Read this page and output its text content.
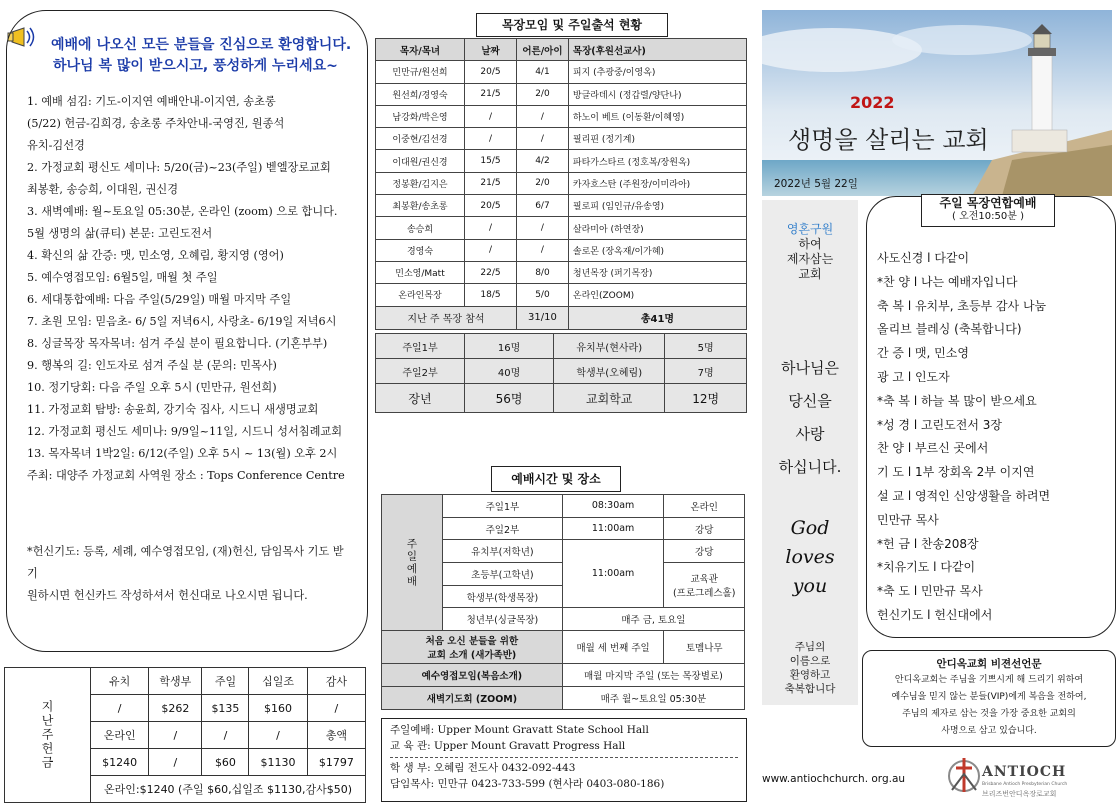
예배에 나오신 모든 분들을 진심으로 환영합니다.
하나님 복 많이 받으시고, 풍성하게 누리세요~
1. 예배 섬김: 기도-이지연 예배안내-이지연, 송초롱
(5/22) 헌금-김희경, 송초롱 주차안내-국영진, 원종석
유치-김선경
2. 가정교회 평신도 세미나: 5/20(금)~23(주일) 벧엘장로교회
최봉환, 송승희, 이대원, 권신경
3. 새벽예배: 월~토요일 05:30분, 온라인 (zoom) 으로 합니다.
5월 생명의 삶(큐티) 본문: 고린도전서
4. 확신의 삶 간증: 맷, 민소영, 오혜림, 황지영 (영어)
5. 예수영접모임: 6월5일, 매월 첫 주일
6. 세대통합예배: 다음 주일(5/29일) 매월 마지막 주일
7. 초원 모임: 믿음초- 6/ 5일 저녁6시, 사랑초- 6/19일 저녁6시
8. 싱글목장 목자목녀: 섬겨 주실 분이 필요합니다. (기혼부부)
9. 행복의 길: 인도자로 섬겨 주실 분 (문의: 민목사)
10. 정기당회: 다음 주일 오후 5시 (민만규, 원선희)
11. 가정교회 탐방: 송윤희, 강기숙 집사, 시드니 새생명교회
12. 가정교회 평신도 세미나: 9/9일~11일, 시드니 성서침례교회
13. 목자목녀 1박2일: 6/12(주일) 오후 5시 ~ 13(월) 오후 2시
주최: 대양주 가정교회 사역원 장소 : Tops Conference Centre
*헌신기도: 등록, 세례, 예수영접모임, (재)헌신, 담임목사 기도 받기
원하시면 헌신카드 작성하셔서 헌신대로 나오시면 됩니다.
지난주헌금	유치	학생부	주일	십일조	감사
	/	$262	$135	$160	/
	온라인	/	/	/	총액
	$1240	/	$60	$1130	$1797
	온라인:$1240 (주일 $60,십일조 $1130,감사$50)				
목장모임 및 주일출석 현황
목자/목녀	날짜	어른/아이	목장(후원선교사)
민만규/원선희	20/5	4/1	피지 (추광중/이영옥)
원선희/경영숙	21/5	2/0	방글라데시 (정갑렬/양단나)
남강화/박은영	/	/	하노이 베트 (이동환/이혜영)
이중현/김선경	/	/	필리핀 (정기계)
이대원/권신경	15/5	4/2	파타가스타르 (정호복/장원옥)
정봉환/김지은	21/5	2/0	카자흐스탄 (주원장/이미라아)
최봉환/송초롱	20/5	6/7	필로피 (임인규/유송영)
송승희	/	/	살라미아 (하연장)
경영숙	/	/	솔로몬 (장옥재/이가혜)
민소영/Matt	22/5	8/0	청년목장 (퍼기목장)
온라인목장	18/5	5/0	온라인(ZOOM)
지난 주 목장 참석		31/10	총41명
주일1부	16명	유치부(현사라)	5명
주일2부	40명	학생부(오혜림)	7명
장년	56명	교회학교	12명
예배시간 및 장소
주일예배	주일1부	08:30am	온라인
	주일2부	11:00am	강당
	유치부(저학년)	11:00am	강당
	초등부(고학년)		교육관
(프로그레스홀)

	학생부(학생목장)		
	청년부(싱글목장)	매주 금, 토요일	

처음 오신 분들을 위한
교회 소개 (새가족반)		매월 세 번째 주일	토멤나무
예수영접모임(복음소개)		매월 마지막 주일 (또는 목장별로)	
새벽기도회 (ZOOM)		매주 월~토요일 05:30분	
주일예배: Upper Mount Gravatt State School Hall
교 육 관: Upper Mount Gravatt Progress Hall
학 생 부: 오혜림 전도사 0432-092-443
담임목사: 민만규 0423-733-599 (현사라 0403-080-186)
2022
생명을 살리는 교회
2022년 5월 22일
영혼구원
하여
제자삼는
교회
하나님은
당신을
사랑
하십니다.
God
loves
you
주님의
이름으로
환영하고
축복합니다
사도신경 l 다같이
*찬 양 l 나는 예배자입니다
축 복 l 유치부, 초등부 감사 나눔
올리브 블레싱 (축복합니다)
간 증 l 맷, 민소영
광 고 l 인도자
*축 복 l 하늘 복 많이 받으세요
*성 경 l 고린도전서 3장
찬 양 l 부르신 곳에서
기 도 l 1부 장회옥 2부 이지연
설 교 l 영적인 신앙생활을 하려면
민만규 목사
*헌 금 l 찬송208장
*치유기도 l 다같이
*축 도 l 민만규 목사
헌신기도 l 헌신대에서
주일 목장연합예배
( 오전10:50분 )
안디옥교회 비젼선언문
안디옥교회는 주님을 기쁘시게 해 드리기 위하여
예수님을 믿지 않는 분들(VIP)에게 복음을 전하여,
주님의 제자로 삼는 것을 가장 중요한 교회의
사명으로 삼고 있습니다.
www.antiochchurch. org.au	ANTIOCH
Brisbane Antioch Presbyterian Church
브리즈번안디옥장로교회
